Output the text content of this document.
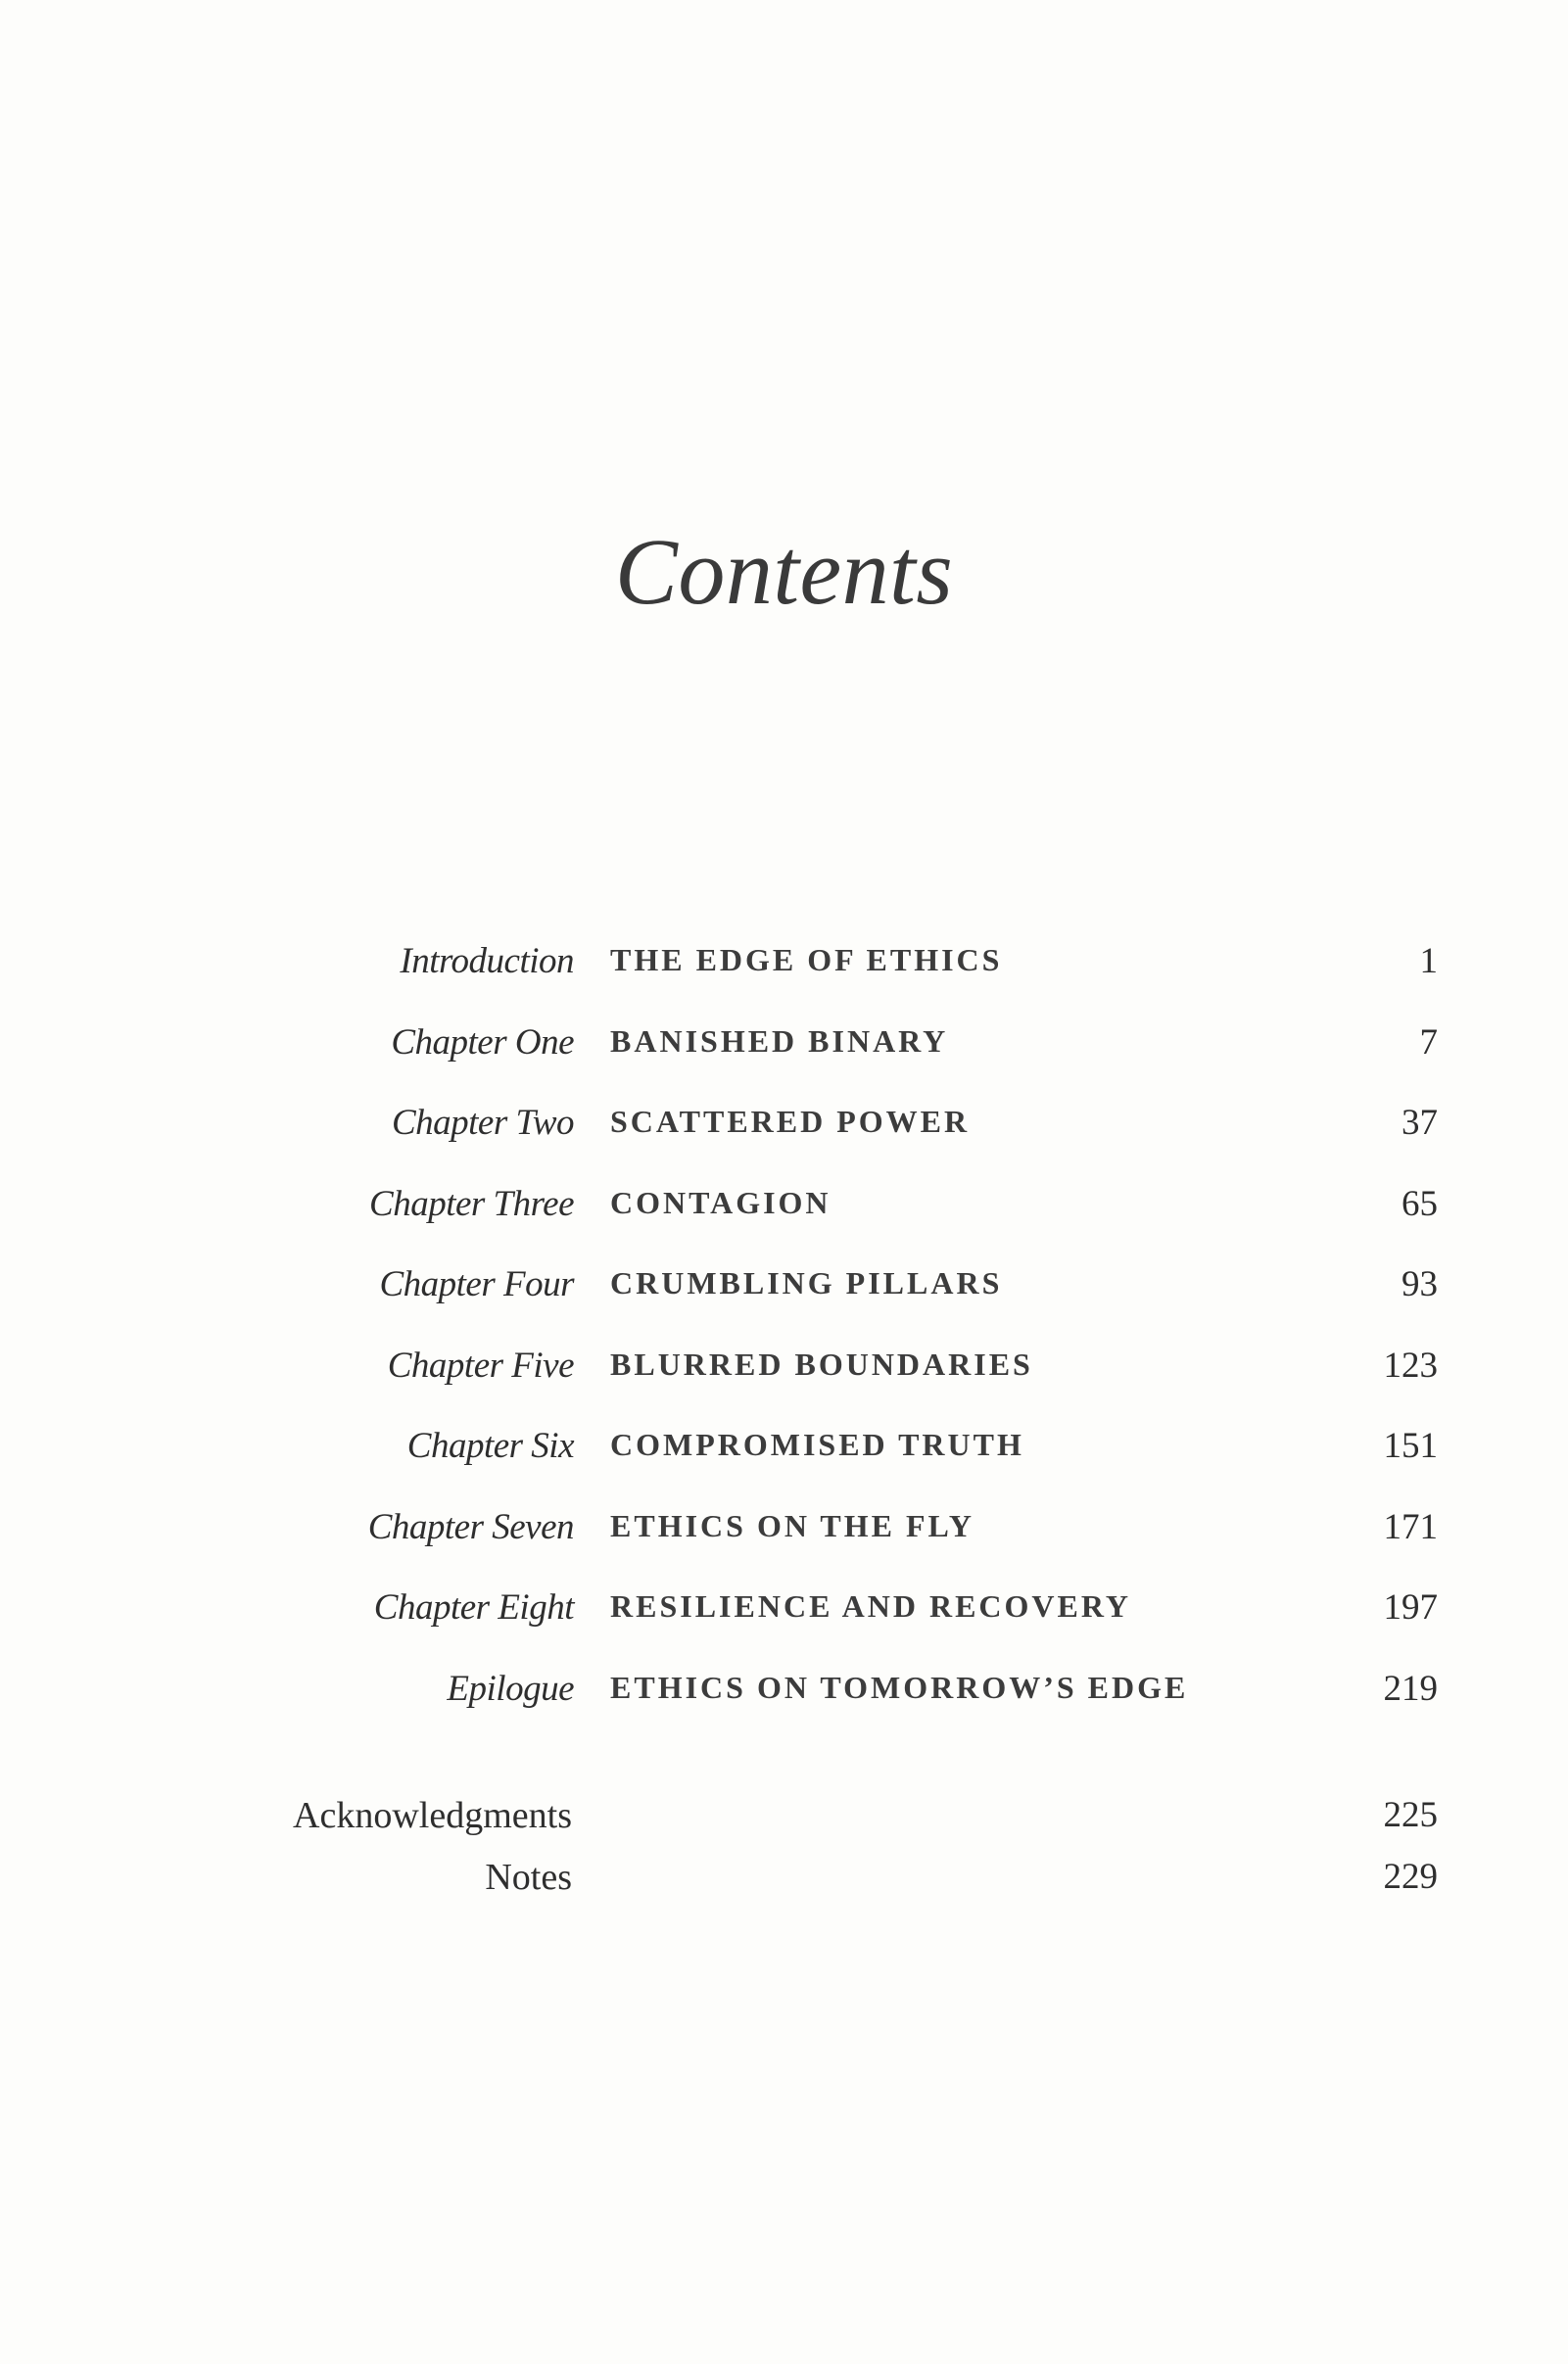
Contents
Introduction THE EDGE OF ETHICS	1
Chapter One BANISHED BINARY	7
Chapter Two SCATTERED POWER	37
Chapter Three CONTAGION	65
Chapter Four CRUMBLING PILLARS	93
Chapter Five BLURRED BOUNDARIES	123
Chapter Six COMPROMISED TRUTH	151
Chapter Seven ETHICS ON THE FLY	171
Chapter Eight RESILIENCE AND RECOVERY	197
Epilogue ETHICS ON TOMORROW’S EDGE	219
Acknowledgments	225
Notes	229
